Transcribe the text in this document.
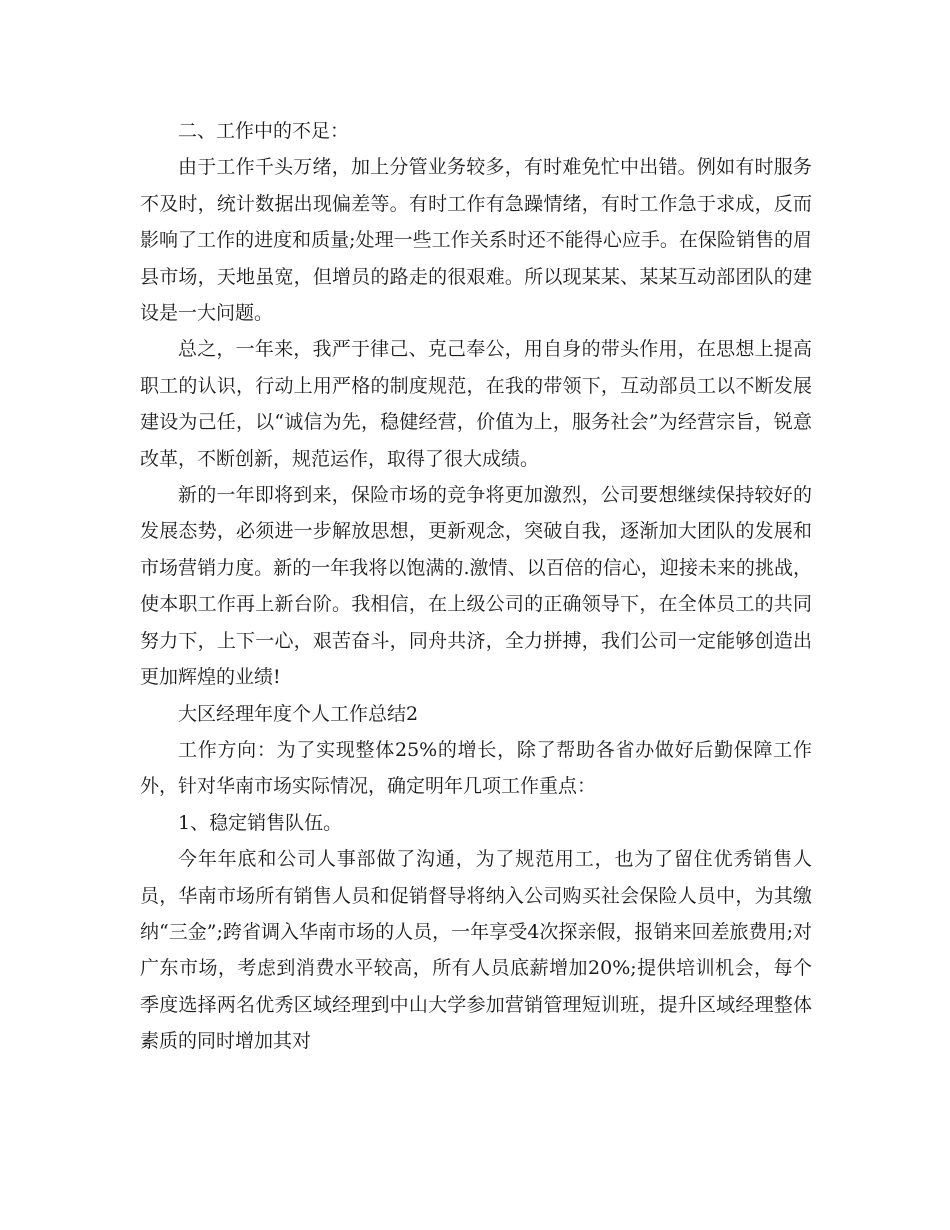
二、工作中的不足：

由于工作千头万绪，加上分管业务较多，有时难免忙中出错。例如有时服务不及时，统计数据出现偏差等。有时工作有急躁情绪，有时工作急于求成，反而影响了工作的进度和质量;处理一些工作关系时还不能得心应手。在保险销售的眉县市场，天地虽宽，但增员的路走的很艰难。所以现某某、某某互动部团队的建设是一大问题。

总之，一年来，我严于律己、克己奉公，用自身的带头作用，在思想上提高职工的认识，行动上用严格的制度规范，在我的带领下，互动部员工以不断发展建设为己任，以“诚信为先，稳健经营，价值为上，服务社会”为经营宗旨，锐意改革，不断创新，规范运作，取得了很大成绩。

新的一年即将到来，保险市场的竞争将更加激烈，公司要想继续保持较好的发展态势，必须进一步解放思想，更新观念，突破自我，逐渐加大团队的发展和市场营销力度。新的一年我将以饱满的.激情、以百倍的信心，迎接未来的挑战，使本职工作再上新台阶。我相信，在上级公司的正确领导下，在全体员工的共同努力下，上下一心，艰苦奋斗，同舟共济，全力拼搏，我们公司一定能够创造出更加辉煌的业绩!

大区经理年度个人工作总结2

工作方向：为了实现整体25%的增长，除了帮助各省办做好后勤保障工作外，针对华南市场实际情况，确定明年几项工作重点：

1、稳定销售队伍。

今年年底和公司人事部做了沟通，为了规范用工，也为了留住优秀销售人员，华南市场所有销售人员和促销督导将纳入公司购买社会保险人员中，为其缴纳“三金”;跨省调入华南市场的人员，一年享受4次探亲假，报销来回差旅费用;对广东市场，考虑到消费水平较高，所有人员底薪增加20%;提供培训机会，每个季度选择两名优秀区域经理到中山大学参加营销管理短训班，提升区域经理整体素质的同时增加其对
